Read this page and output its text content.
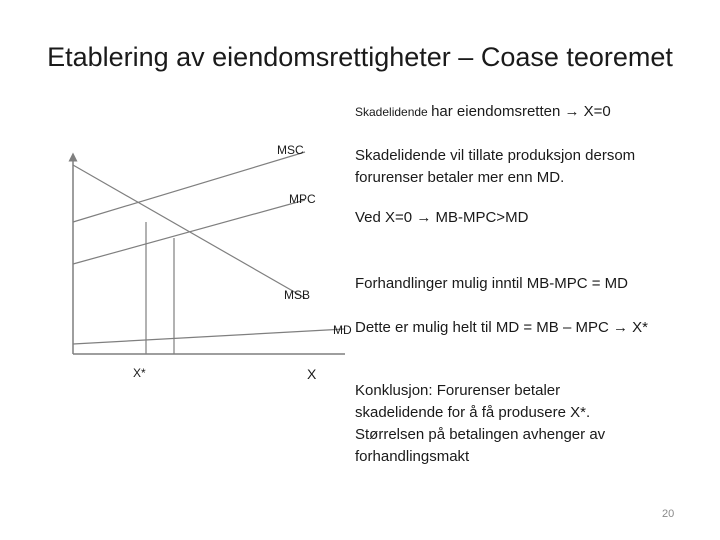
Etablering av eiendomsrettigheter – Coase teoremet
Skadelidende har eiendomsretten → X=0
Skadelidende vil tillate produksjon dersom forurenser betaler mer enn MD.
Ved X=0 → MB-MPC>MD
Forhandlinger mulig inntil MB-MPC = MD
Dette er mulig helt til MD = MB – MPC → X*
Konklusjon: Forurenser betaler skadelidende for å få produsere X*. Størrelsen på betalingen avhenger av forhandlingsmakt
MSC
MPC
MSB
MD
X*	X
20
